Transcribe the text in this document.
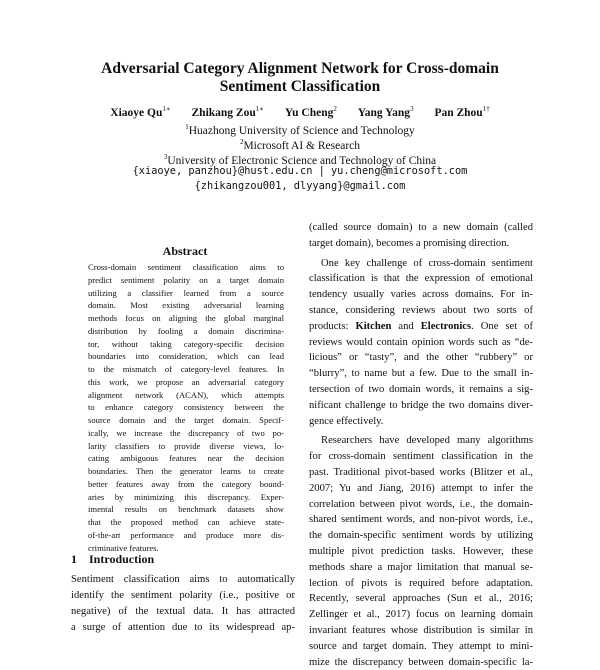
Adversarial Category Alignment Network for Cross-domain
Sentiment Classification
Xiaoye $Qu^{1∗}$ Zhikang Zou$^{1∗}$ Yu Cheng$^2$ Yang Yang$^3$ Pan Zhou$^{1\dagger}$
$^1$Huazhong University of Science and Technology
$^2$Microsoft AI & Research
$^3$University of Electronic Science and Technology of China
{xiaoye, panzhou}@hust.edu.cn | yu.cheng@microsoft.com
{zhikangzou001, dlyyang}@gmail.com
Abstract
Cross-domain sentiment classification aims to
predict sentiment polarity on a target domain
utilizing a classifier learned from a source
domain. Most existing adversarial learning
methods focus on aligning the global marginal
distribution by fooling a domain discrimina-
tor, without taking category-specific decision
boundaries into consideration, which can lead
to the mismatch of category-level features. In
this work, we propose an adversarial category
alignment network (ACAN), which attempts
to enhance category consistency between the
source domain and the target domain. Specif-
ically, we increase the discrepancy of two po-
larity classifiers to provide diverse views, lo-
cating ambiguous features near the decision
boundaries. Then the generator learns to create
better features away from the category bound-
aries by minimizing this discrepancy. Exper-
imental results on benchmark datasets show
that the proposed method can achieve state-
of-the-art performance and produce more dis-
criminative features.
1 Introduction
Sentiment classification aims to automatically
identify the sentiment polarity (i.e., positive or
negative) of the textual data. It has attracted
a surge of attention due to its widespread ap-
(called source domain) to a new domain (called
target domain), becomes a promising direction.
One key challenge of cross-domain sentiment
classification is that the expression of emotional
tendency usually varies across domains. For in-
stance, considering reviews about two sorts of
products: Kitchen and Electronics. One set of
reviews would contain opinion words such as “de-
licious” or “tasty”, and the other “rubbery” or
“blurry”, to name but a few. Due to the small in-
tersection of two domain words, it remains a sig-
nificant challenge to bridge the two domains diver-
gence effectively.
Researchers have developed many algorithms
for cross-domain sentiment classification in the
past. Traditional pivot-based works (Blitzer et al.,
2007; Yu and Jiang, 2016) attempt to infer the
correlation between pivot words, i.e., the domain-
shared sentiment words, and non-pivot words, i.e.,
the domain-specific sentiment words by utilizing
multiple pivot prediction tasks. However, these
methods share a major limitation that manual se-
lection of pivots is required before adaptation.
Recently, several approaches (Sun et al., 2016;
Zellinger et al., 2017) focus on learning domain
invariant features whose distribution is similar in
source and target domain. They attempt to mini-
mize the discrepancy between domain-specific la-
